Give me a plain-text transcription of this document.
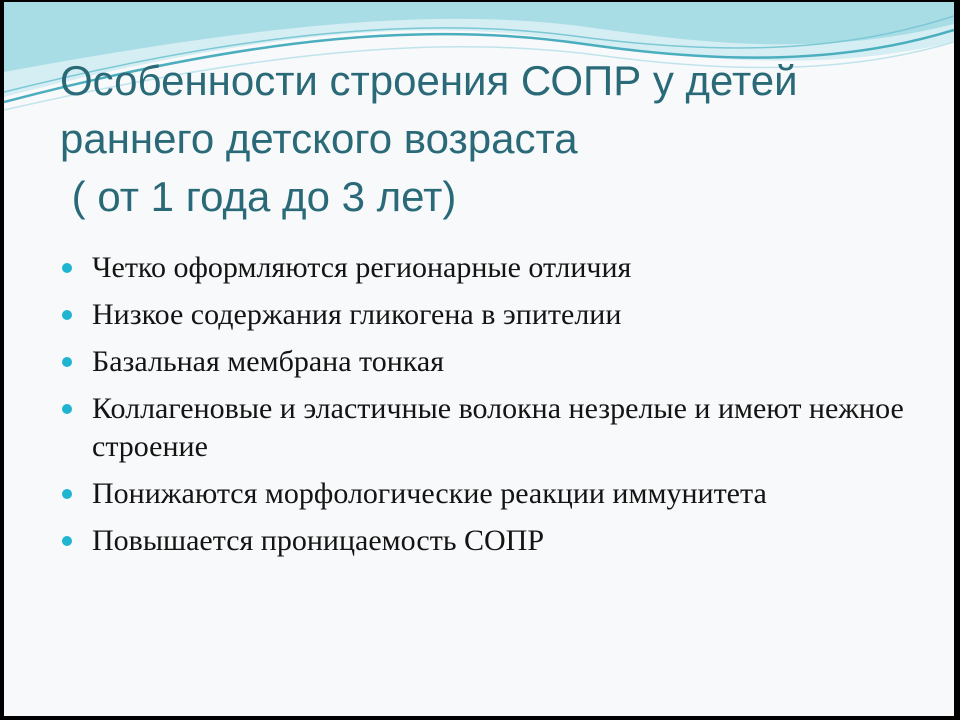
Особенности строения СОПР у детей
раннего детского возраста
( от 1 года до 3 лет)
Четко оформляются регионарные отличия
Низкое содержания гликогена в эпителии
Базальная мембрана тонкая
Коллагеновые и эластичные волокна незрелые и имеют нежное строение
Понижаются морфологические реакции иммунитета
Повышается проницаемость СОПР
